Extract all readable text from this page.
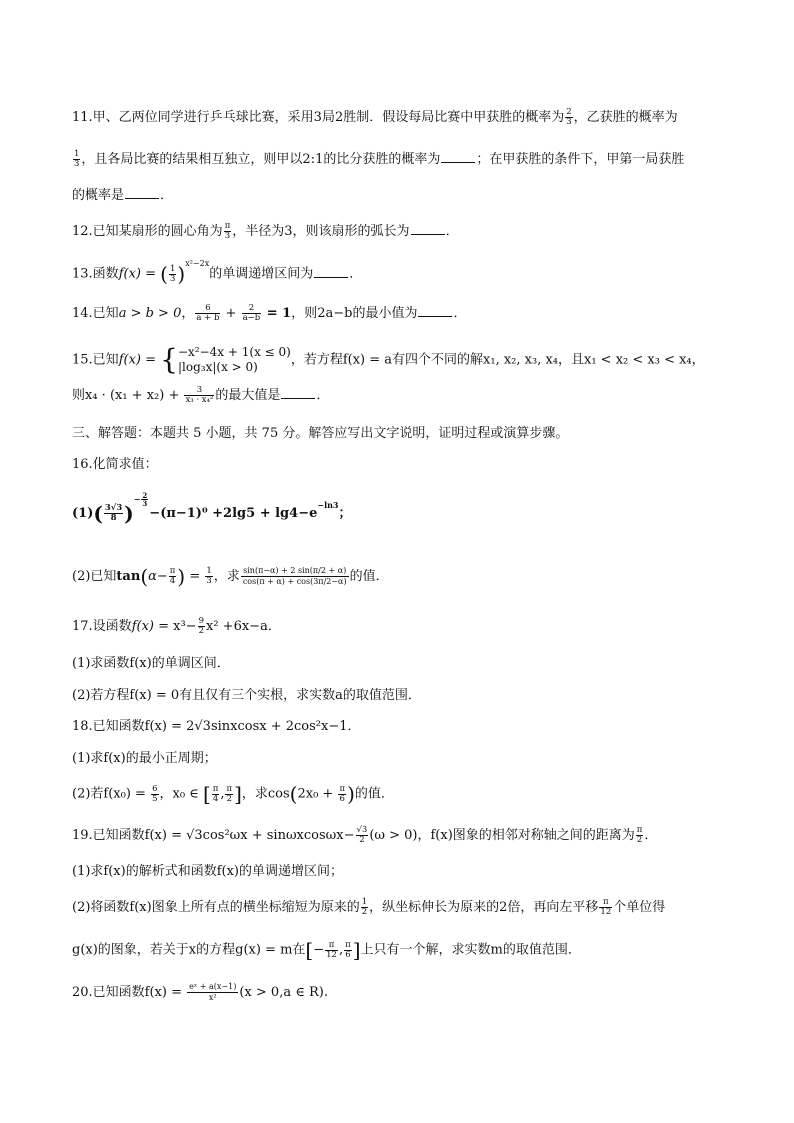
11.甲、乙两位同学进行乒乓球比赛，采用3局2胜制．假设每局比赛中甲获胜的概率为 $\frac{2}{3}$ ，乙获胜的概率为
$\frac{1}{3}$ ，且各局比赛的结果相互独立，则甲以2:1的比分获胜的概率为	；在甲获胜的条件下，甲第一局获胜
的概率是	．
12.已知某扇形的圆心角为 $\frac{\pi}{3}$ ，半径为3，则该扇形的弧长为	．
13.函数f(x) = ( $\frac{1}{3} )^{x^2-2x}$的单调递增区间为	．
14.已知a > b > 0， $\frac{6}{a + b} + \frac{2}{a-b} = 1$，则2a−b的最小值为	．
15.已知f(x) = { −x²−4x + 1(x ≤ 0)
|log₃x|(x > 0)	，若方程f(x) = a有四个不同的解x₁, x₂, x₃, x₄，且x₁ < x₂ < x₃ < x₄，
则$x_4 \cdot (x_1 + x_2) + \frac{3}{\text{x₃ · x₄²}}$ 的最大值是	．
三、解答题：本题共 5 小题，共 75 分。解答应写出文字说明，证明过程或演算步骤。
16.化简求值：
$(1)( \frac{3√3}{8} )^{- \frac{2}{3}}$
$-(\pi-1)^0 +2\lg 5 + \lg 4-e^{-ln3}$；
(2)已知$\tan(\alpha- \frac{\pi}{4}$ ) = $\frac{1}{3}$ ，求 $\frac{\sin(\pi-\alpha) + 2 \sin(\pi/2 + \alpha)}{\cos(\pi + \alpha) + \cos(3\pi/2-\alpha)}$ 的值．
17.设函数$f(x) = x^3- \frac{9}{2} x^2 +6x-a$．
(1)求函数f(x)的单调区间．
(2)若方程f(x) = 0有且仅有三个实根，求实数a的取值范围．
18.已知函数f(x) = 2√3sinxcosx + 2cos²x−1．
(1)求f(x)的最小正周期；
(2)若$f(x_0) = \frac{6}{5}$ ，x₀ ∈ [ $\frac{\pi}{4}$ , $\frac{\pi}{2}$ ]，求$\cos(2x_0 + \frac{\pi}{6}$ )的值．
19.已知函数$f(x) = √3\cos^2\omega x + \sin\omega xcos\omega x- \frac{√3}{2} (\omega > 0)$，f(x)图象的相邻对称轴之间的距离为 $\frac{\pi}{2}$ ．
(1)求f(x)的解析式和函数f(x)的单调递增区间；
(2)将函数f(x)图象上所有点的横坐标缩短为原来的 $\frac{1}{2}$ ，纵坐标伸长为原来的2倍，再向左平移 $\frac{\pi}{12}$ 个单位得
g(x)的图象，若关于x的方程g(x) = m在[− $\frac{\pi}{12}$ , $\frac{\pi}{6}$ ]上只有一个解，求实数m的取值范围．
20.已知函数$f(x) = \frac{\text{eˣ + a(x−1)}}{\text{x²}} (x > 0,a$ ∈ R).
